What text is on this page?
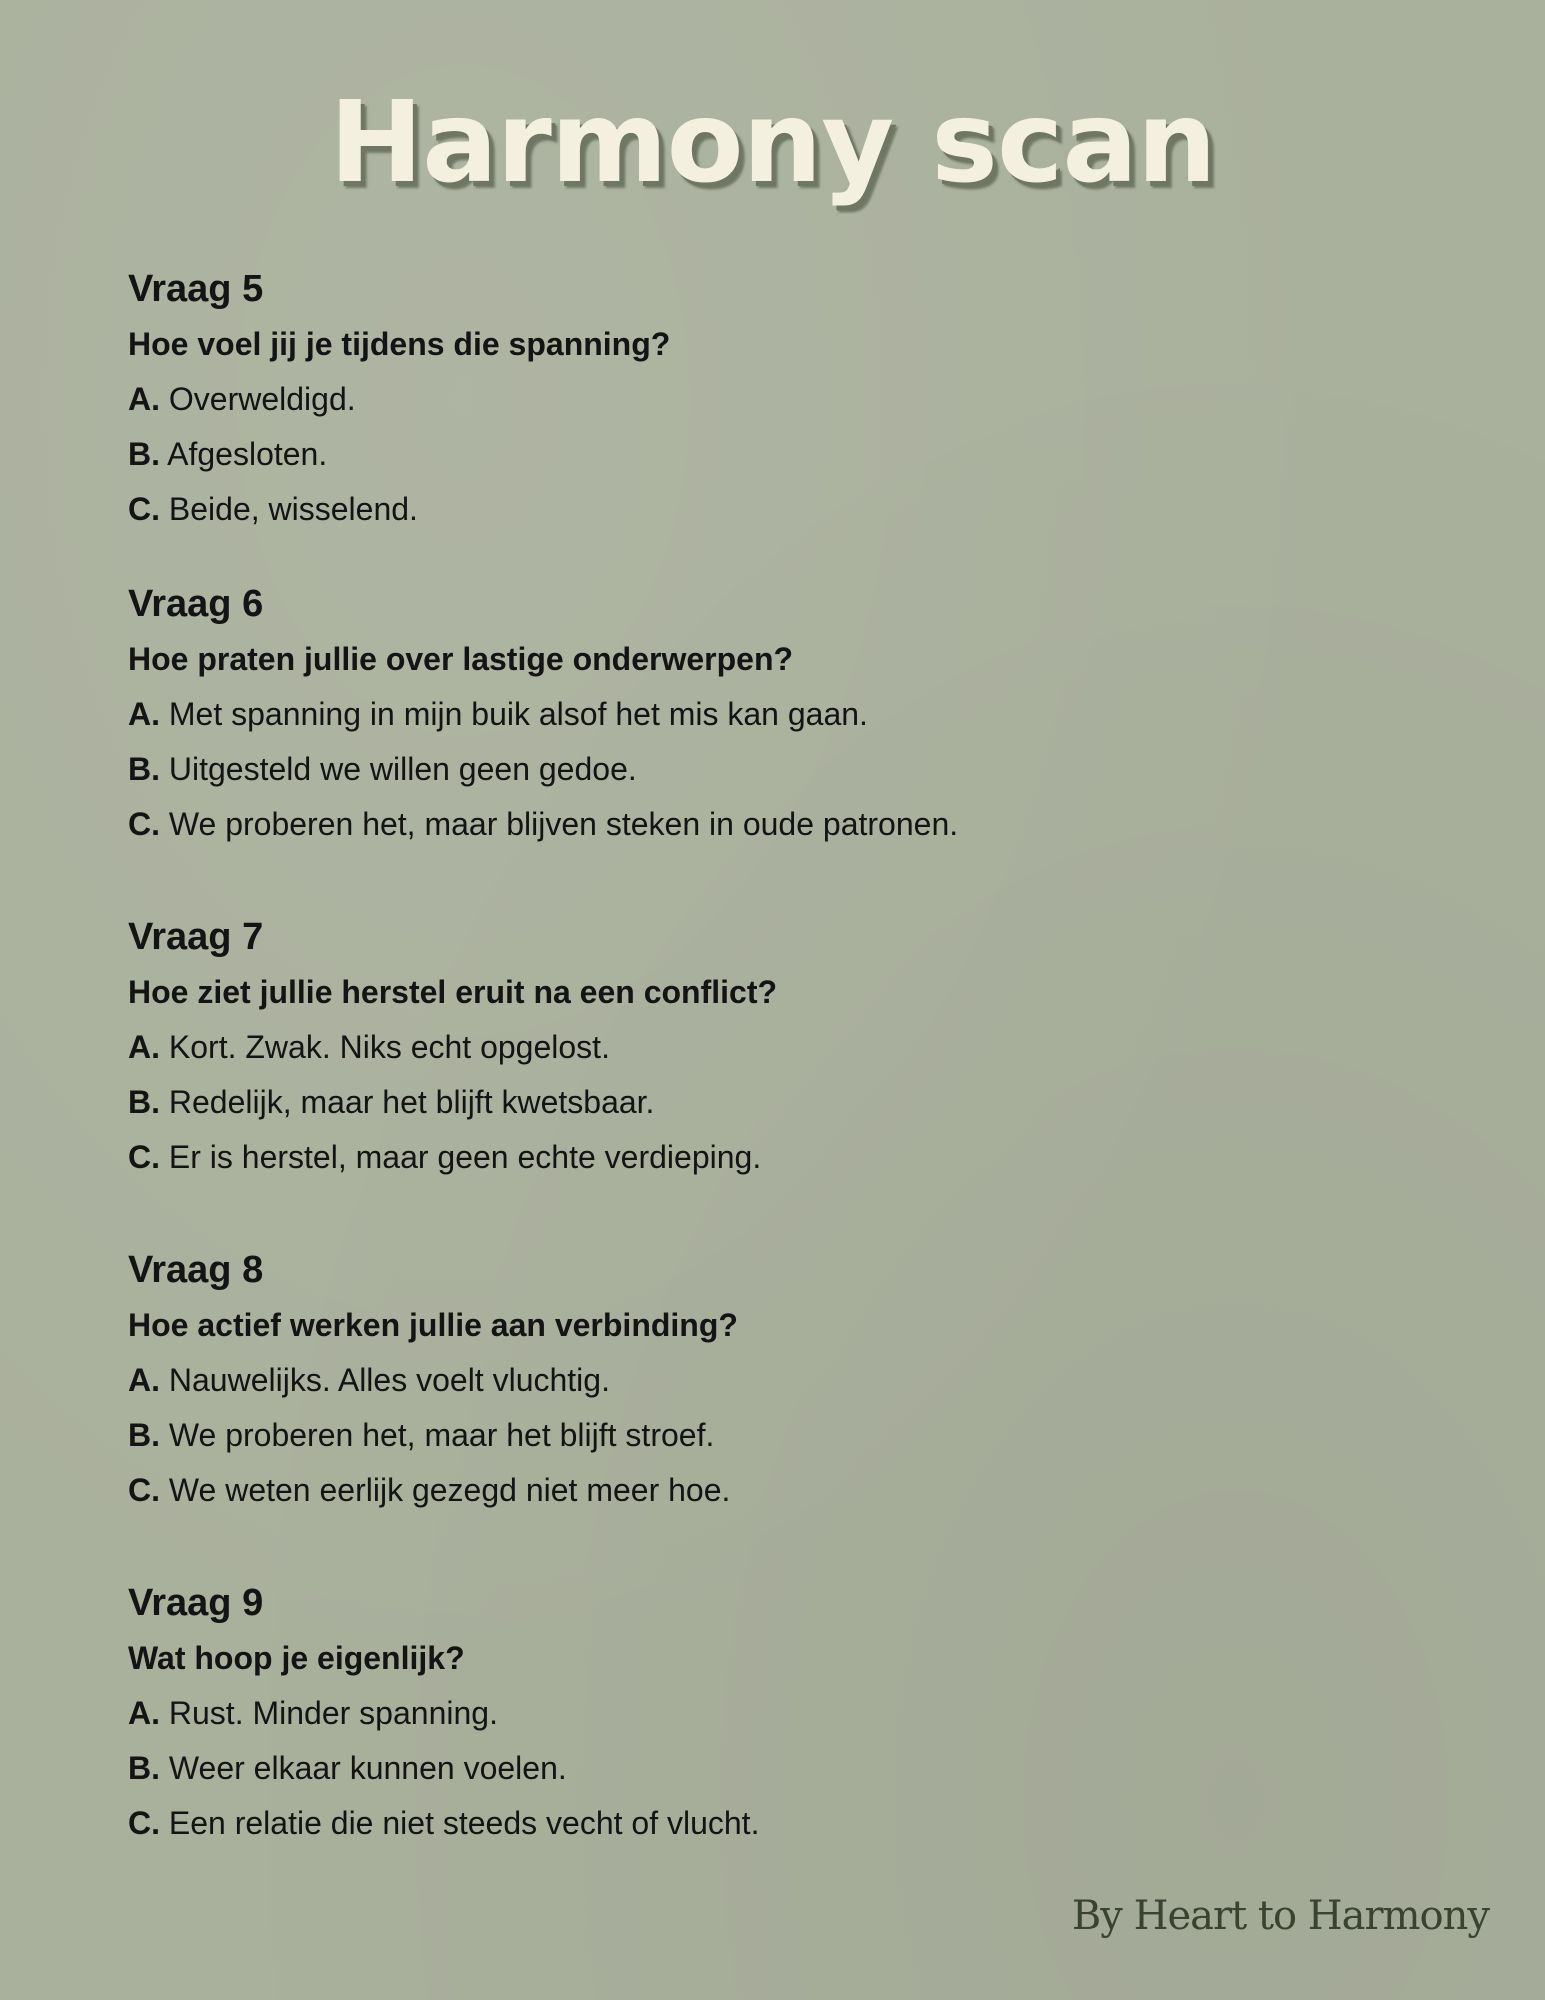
Harmony scan

Vraag 5

Hoe voel jij je tijdens die spanning?

A. Overweldigd.

B. Afgesloten.

C. Beide, wisselend.

Vraag 6

Hoe praten jullie over lastige onderwerpen?

A. Met spanning in mijn buik alsof het mis kan gaan.

B. Uitgesteld we willen geen gedoe.

C. We proberen het, maar blijven steken in oude patronen.

Vraag 7

Hoe ziet jullie herstel eruit na een conflict?

A. Kort. Zwak. Niks echt opgelost.

B. Redelijk, maar het blijft kwetsbaar.

C. Er is herstel, maar geen echte verdieping.

Vraag 8

Hoe actief werken jullie aan verbinding?

A. Nauwelijks. Alles voelt vluchtig.

B. We proberen het, maar het blijft stroef.

C. We weten eerlijk gezegd niet meer hoe.

Vraag 9

Wat hoop je eigenlijk?

A. Rust. Minder spanning.

B. Weer elkaar kunnen voelen.

C. Een relatie die niet steeds vecht of vlucht.

By Heart to Harmony
